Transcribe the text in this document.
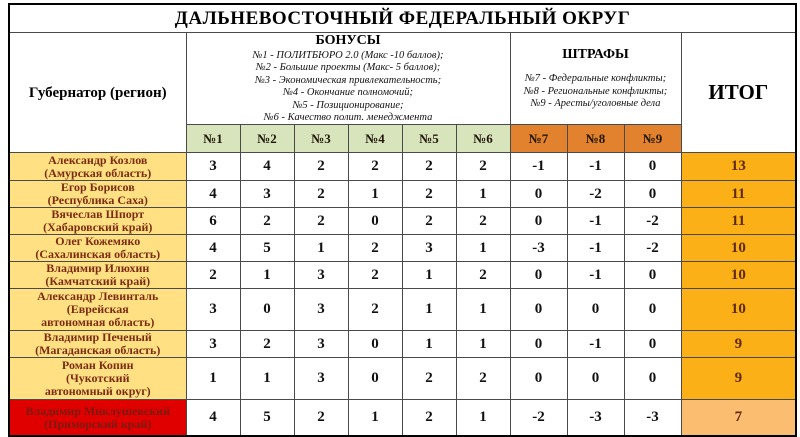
ДАЛЬНЕВОСТОЧНЫЙ ФЕДЕРАЛЬНЫЙ ОКРУГ										
Губернатор (регион)	
БОНУСЫ
№1 - ПОЛИТБЮРО 2.0 (Макс -10 баллов);
№2 - Большие проекты (Макс- 5 баллов);
№3 - Экономическая привлекательность;
№4 - Окончание полномочий;
№5 - Позиционирование;
№6 - Качество полит. менеджмента

ШТРАФЫ
№7 - Федеральные конфликты;
№8 - Региональные конфликты;
№9 - Аресты/уголовные дела	ИТОГ
	№1	№2	№3	№4	№5	№6	№7	№8	№9	

Александр Козлов
(Амурская область)	3	4	2	2	2	2	-1	-1	0	13

Егор Борисов
(Республика Саха)	4	3	2	1	2	1	0	-2	0	11

Вячеслав Шпорт
(Хабаровский край)	6	2	2	0	2	2	0	-1	-2	11

Олег Кожемяко
(Сахалинская область)	4	5	1	2	3	1	-3	-1	-2	10

Владимир Илюхин
(Камчатский край)	2	1	3	2	1	2	0	-1	0	10

Александр Левинталь
(Еврейская
автономная область)	3	0	3	2	1	1	0	0	0	10

Владимир Печеный
(Магаданская область)	3	2	3	0	1	1	0	-1	0	9

Роман Копин
(Чукотский
автономный округ)	1	1	3	0	2	2	0	0	0	9

Владимир Миклушевский
(Приморский край)	4	5	2	1	2	1	-2	-3	-3	7
